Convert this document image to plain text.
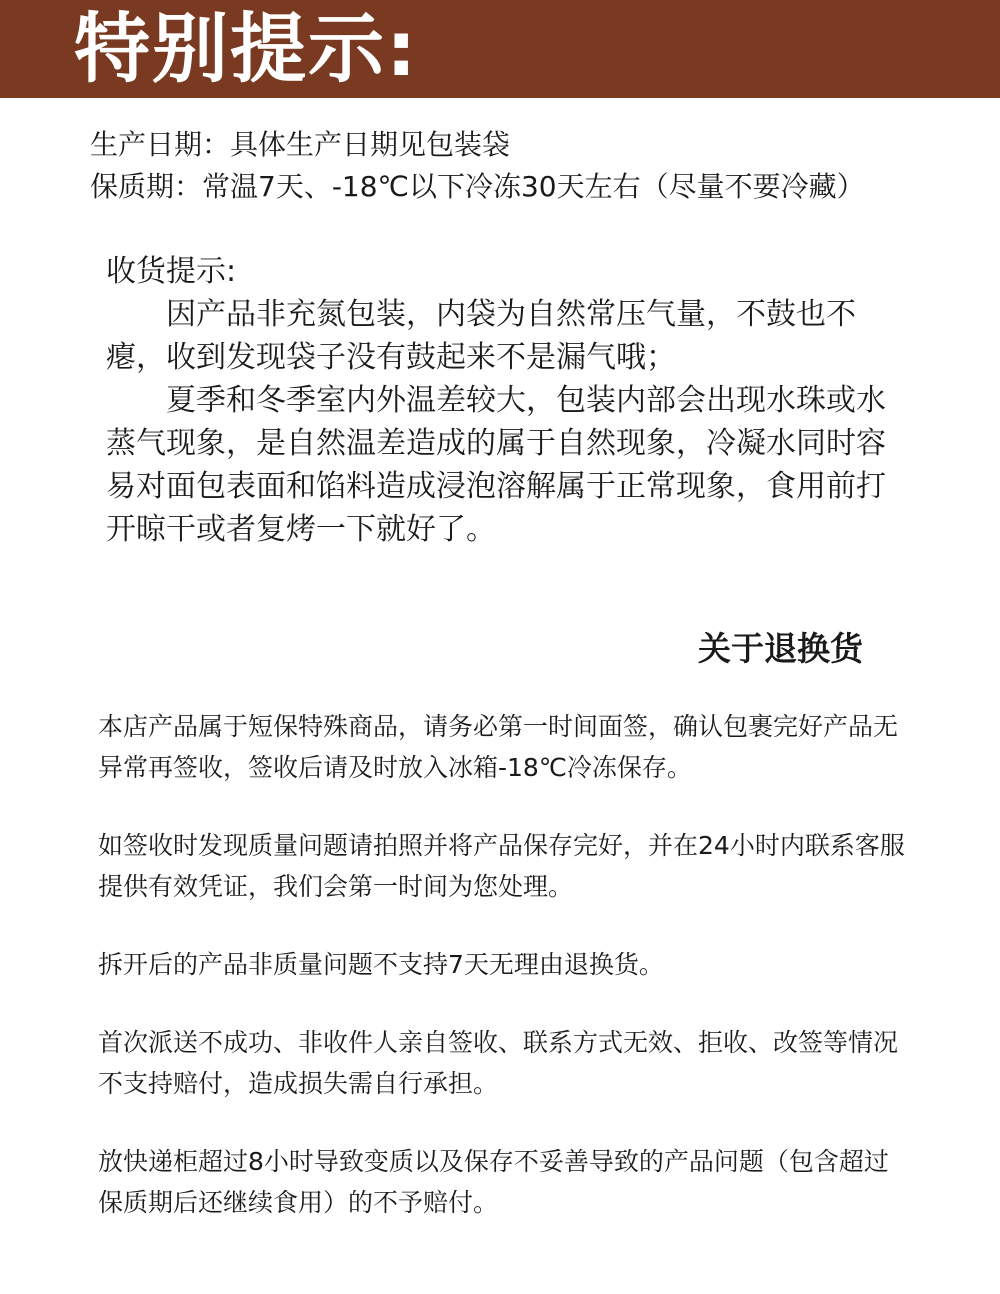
特别提示:
生产日期：具体生产日期见包装袋
保质期：常温7天、-18℃以下冷冻30天左右（尽量不要冷藏）

收货提示:

因产品非充氮包装，内袋为自然常压气量，不鼓也不瘪，收到发现袋子没有鼓起来不是漏气哦；

夏季和冬季室内外温差较大，包装内部会出现水珠或水蒸气现象，是自然温差造成的属于自然现象，冷凝水同时容易对面包表面和馅料造成浸泡溶解属于正常现象，食用前打开晾干或者复烤一下就好了。

关于退换货

本店产品属于短保特殊商品，请务必第一时间面签，确认包裹完好产品无异常再签收，签收后请及时放入冰箱-18℃冷冻保存。

如签收时发现质量问题请拍照并将产品保存完好，并在24小时内联系客服提供有效凭证，我们会第一时间为您处理。

拆开后的产品非质量问题不支持7天无理由退换货。

首次派送不成功、非收件人亲自签收、联系方式无效、拒收、改签等情况不支持赔付，造成损失需自行承担。

放快递柜超过8小时导致变质以及保存不妥善导致的产品问题（包含超过保质期后还继续食用）的不予赔付。
